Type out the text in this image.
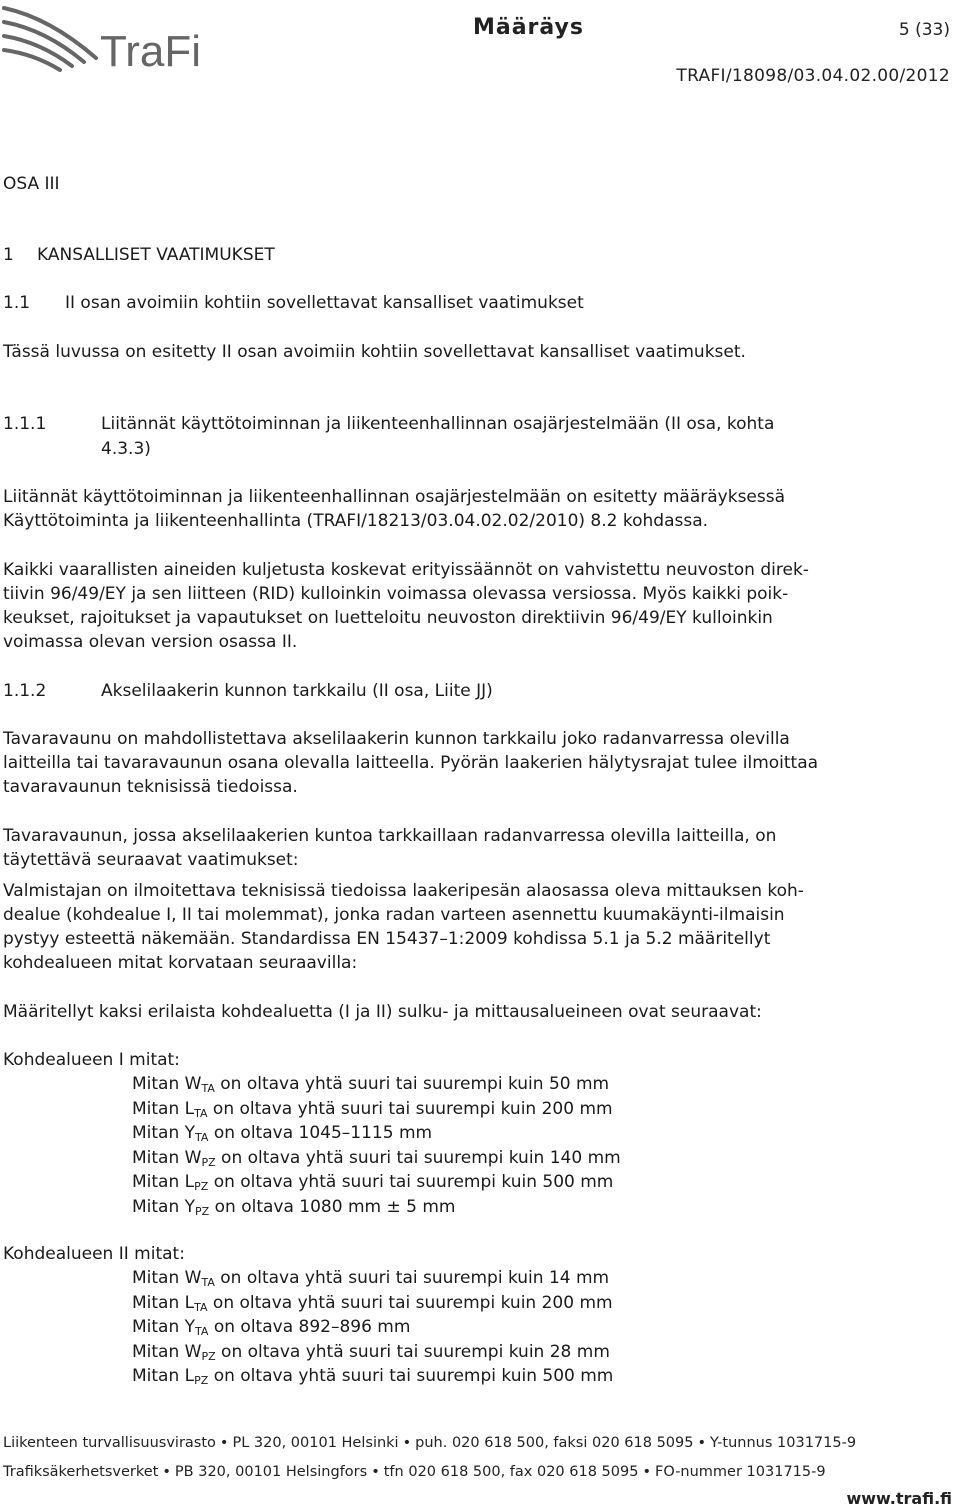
TraFi	Määräys	5 (33)
TRAFI/18098/03.04.02.00/2012
OSA III
1 KANSALLISET VAATIMUKSET
1.1 II osan avoimiin kohtiin sovellettavat kansalliset vaatimukset
Tässä luvussa on esitetty II osan avoimiin kohtiin sovellettavat kansalliset vaatimukset.
1.1.1	Liitännät käyttötoiminnan ja liikenteenhallinnan osajärjestelmään (II osa, kohta
4.3.3)
Liitännät käyttötoiminnan ja liikenteenhallinnan osajärjestelmään on esitetty määräyksessä
Käyttötoiminta ja liikenteenhallinta (TRAFI/18213/03.04.02.02/2010) 8.2 kohdassa.
Kaikki vaarallisten aineiden kuljetusta koskevat erityissäännöt on vahvistettu neuvoston direk-
tiivin 96/49/EY ja sen liitteen (RID) kulloinkin voimassa olevassa versiossa. Myös kaikki poik-
keukset, rajoitukset ja vapautukset on luetteloitu neuvoston direktiivin 96/49/EY kulloinkin
voimassa olevan version osassa II.
1.1.2	Akselilaakerin kunnon tarkkailu (II osa, Liite JJ)
Tavaravaunu on mahdollistettava akselilaakerin kunnon tarkkailu joko radanvarressa olevilla
laitteilla tai tavaravaunun osana olevalla laitteella. Pyörän laakerien hälytysrajat tulee ilmoittaa
tavaravaunun teknisissä tiedoissa.
Tavaravaunun, jossa akselilaakerien kuntoa tarkkaillaan radanvarressa olevilla laitteilla, on
täytettävä seuraavat vaatimukset:
Valmistajan on ilmoitettava teknisissä tiedoissa laakeripesän alaosassa oleva mittauksen koh-
dealue (kohdealue I, II tai molemmat), jonka radan varteen asennettu kuumakäynti-ilmaisin
pystyy esteettä näkemään. Standardissa EN 15437–1:2009 kohdissa 5.1 ja 5.2 määritellyt
kohdealueen mitat korvataan seuraavilla:
Määritellyt kaksi erilaista kohdealuetta (I ja II) sulku- ja mittausalueineen ovat seuraavat:
Kohdealueen I mitat:
Mitan $W_{TA}$ on oltava yhtä suuri tai suurempi kuin 50 mm
Mitan $L_{TA}$ on oltava yhtä suuri tai suurempi kuin 200 mm
Mitan $Y_{TA}$ on oltava 1045–1115 mm
Mitan $W_{PZ}$ on oltava yhtä suuri tai suurempi kuin 140 mm
Mitan $L_{PZ}$ on oltava yhtä suuri tai suurempi kuin 500 mm
Mitan $Y_{PZ}$ on oltava 1080 mm ± 5 mm
Kohdealueen II mitat:
Mitan $W_{TA}$ on oltava yhtä suuri tai suurempi kuin 14 mm
Mitan $L_{TA}$ on oltava yhtä suuri tai suurempi kuin 200 mm
Mitan $Y_{TA}$ on oltava 892–896 mm
Mitan $W_{PZ}$ on oltava yhtä suuri tai suurempi kuin 28 mm
Mitan $L_{PZ}$ on oltava yhtä suuri tai suurempi kuin 500 mm
Liikenteen turvallisuusvirasto • PL 320, 00101 Helsinki • puh. 020 618 500, faksi 020 618 5095 • Y-tunnus 1031715-9
Trafiksäkerhetsverket • PB 320, 00101 Helsingfors • tfn 020 618 500, fax 020 618 5095 • FO-nummer 1031715-9
www.trafi.fi
